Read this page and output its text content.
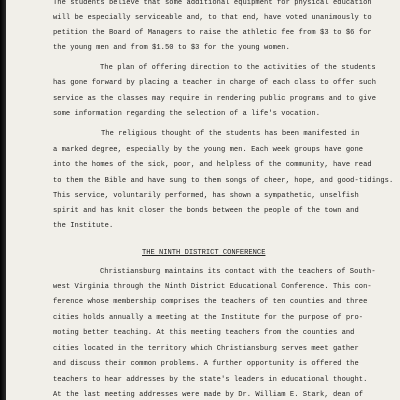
The students believe that some additional equipment for physical education
will be especially serviceable and, to that end, have voted unanimously to
petition the Board of Managers to raise the athletic fee from $3 to $6 for
the young men and from $1.50 to $3 for the young women.
The plan of offering direction to the activities of the students
has gone forward by placing a teacher in charge of each class to offer such
service as the classes may require in rendering public programs and to give
some information regarding the selection of a life's vocation.
The religious thought of the students has been manifested in
a marked degree, especially by the young men. Each week groups have gone
into the homes of the sick, poor, and helpless of the community, have read
to them the Bible and have sung to them songs of cheer, hope, and good-tidings.
This service, voluntarily performed, has shown a sympathetic, unselfish
spirit and has knit closer the bonds between the people of the town and
the Institute.
THE NINTH DISTRICT CONFERENCE
Christiansburg maintains its contact with the teachers of South-
west Virginia through the Ninth District Educational Conference. This con-
ference whose membership comprises the teachers of ten counties and three
cities holds annually a meeting at the Institute for the purpose of pro-
moting better teaching. At this meeting teachers from the counties and
cities located in the territory which Christiansburg serves meet gather
and discuss their common problems. A further opportunity is offered the
teachers to hear addresses by the state's leaders in educational thought.
At the last meeting addresses were made by Dr. William E. Stark, dean of
